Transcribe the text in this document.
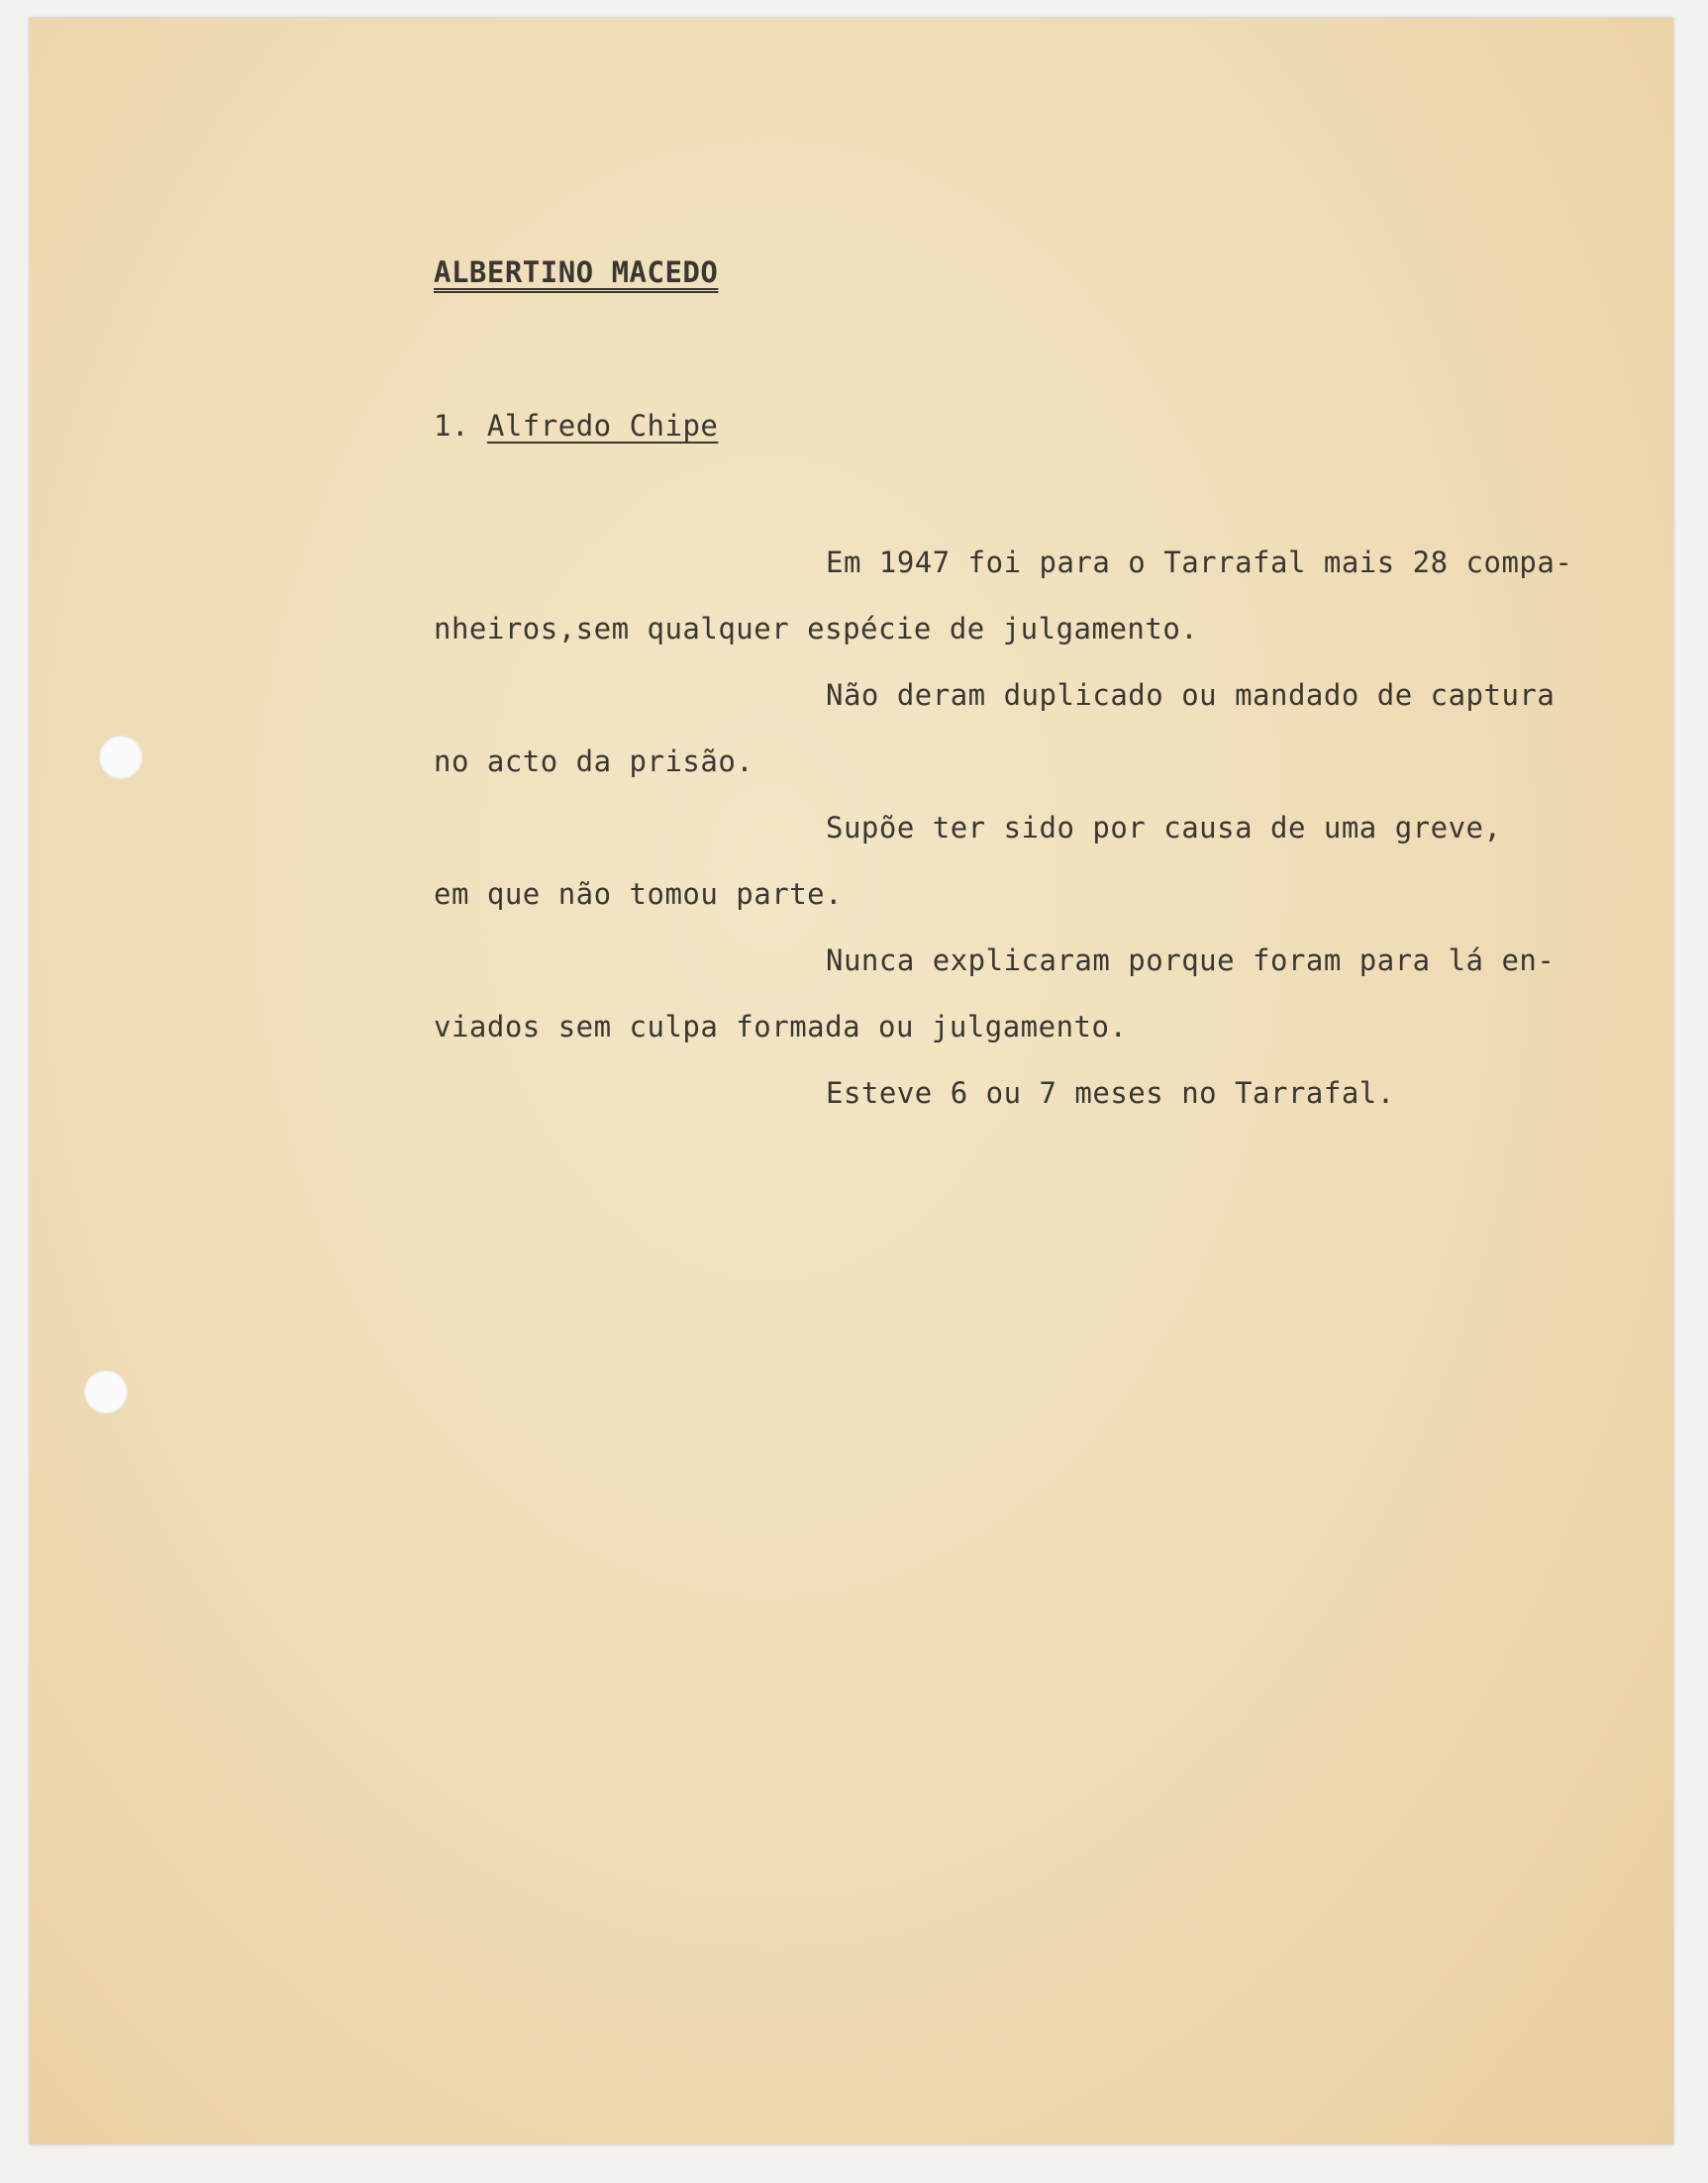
ALBERTINO MACEDO
1. Alfredo Chipe
Em 1947 foi para o Tarrafal mais 28 compa-
nheiros,sem qualquer espécie de julgamento.
Não deram duplicado ou mandado de captura
no acto da prisão.
Supõe ter sido por causa de uma greve,
em que não tomou parte.
Nunca explicaram porque foram para lá en-
viados sem culpa formada ou julgamento.
Esteve 6 ou 7 meses no Tarrafal.
